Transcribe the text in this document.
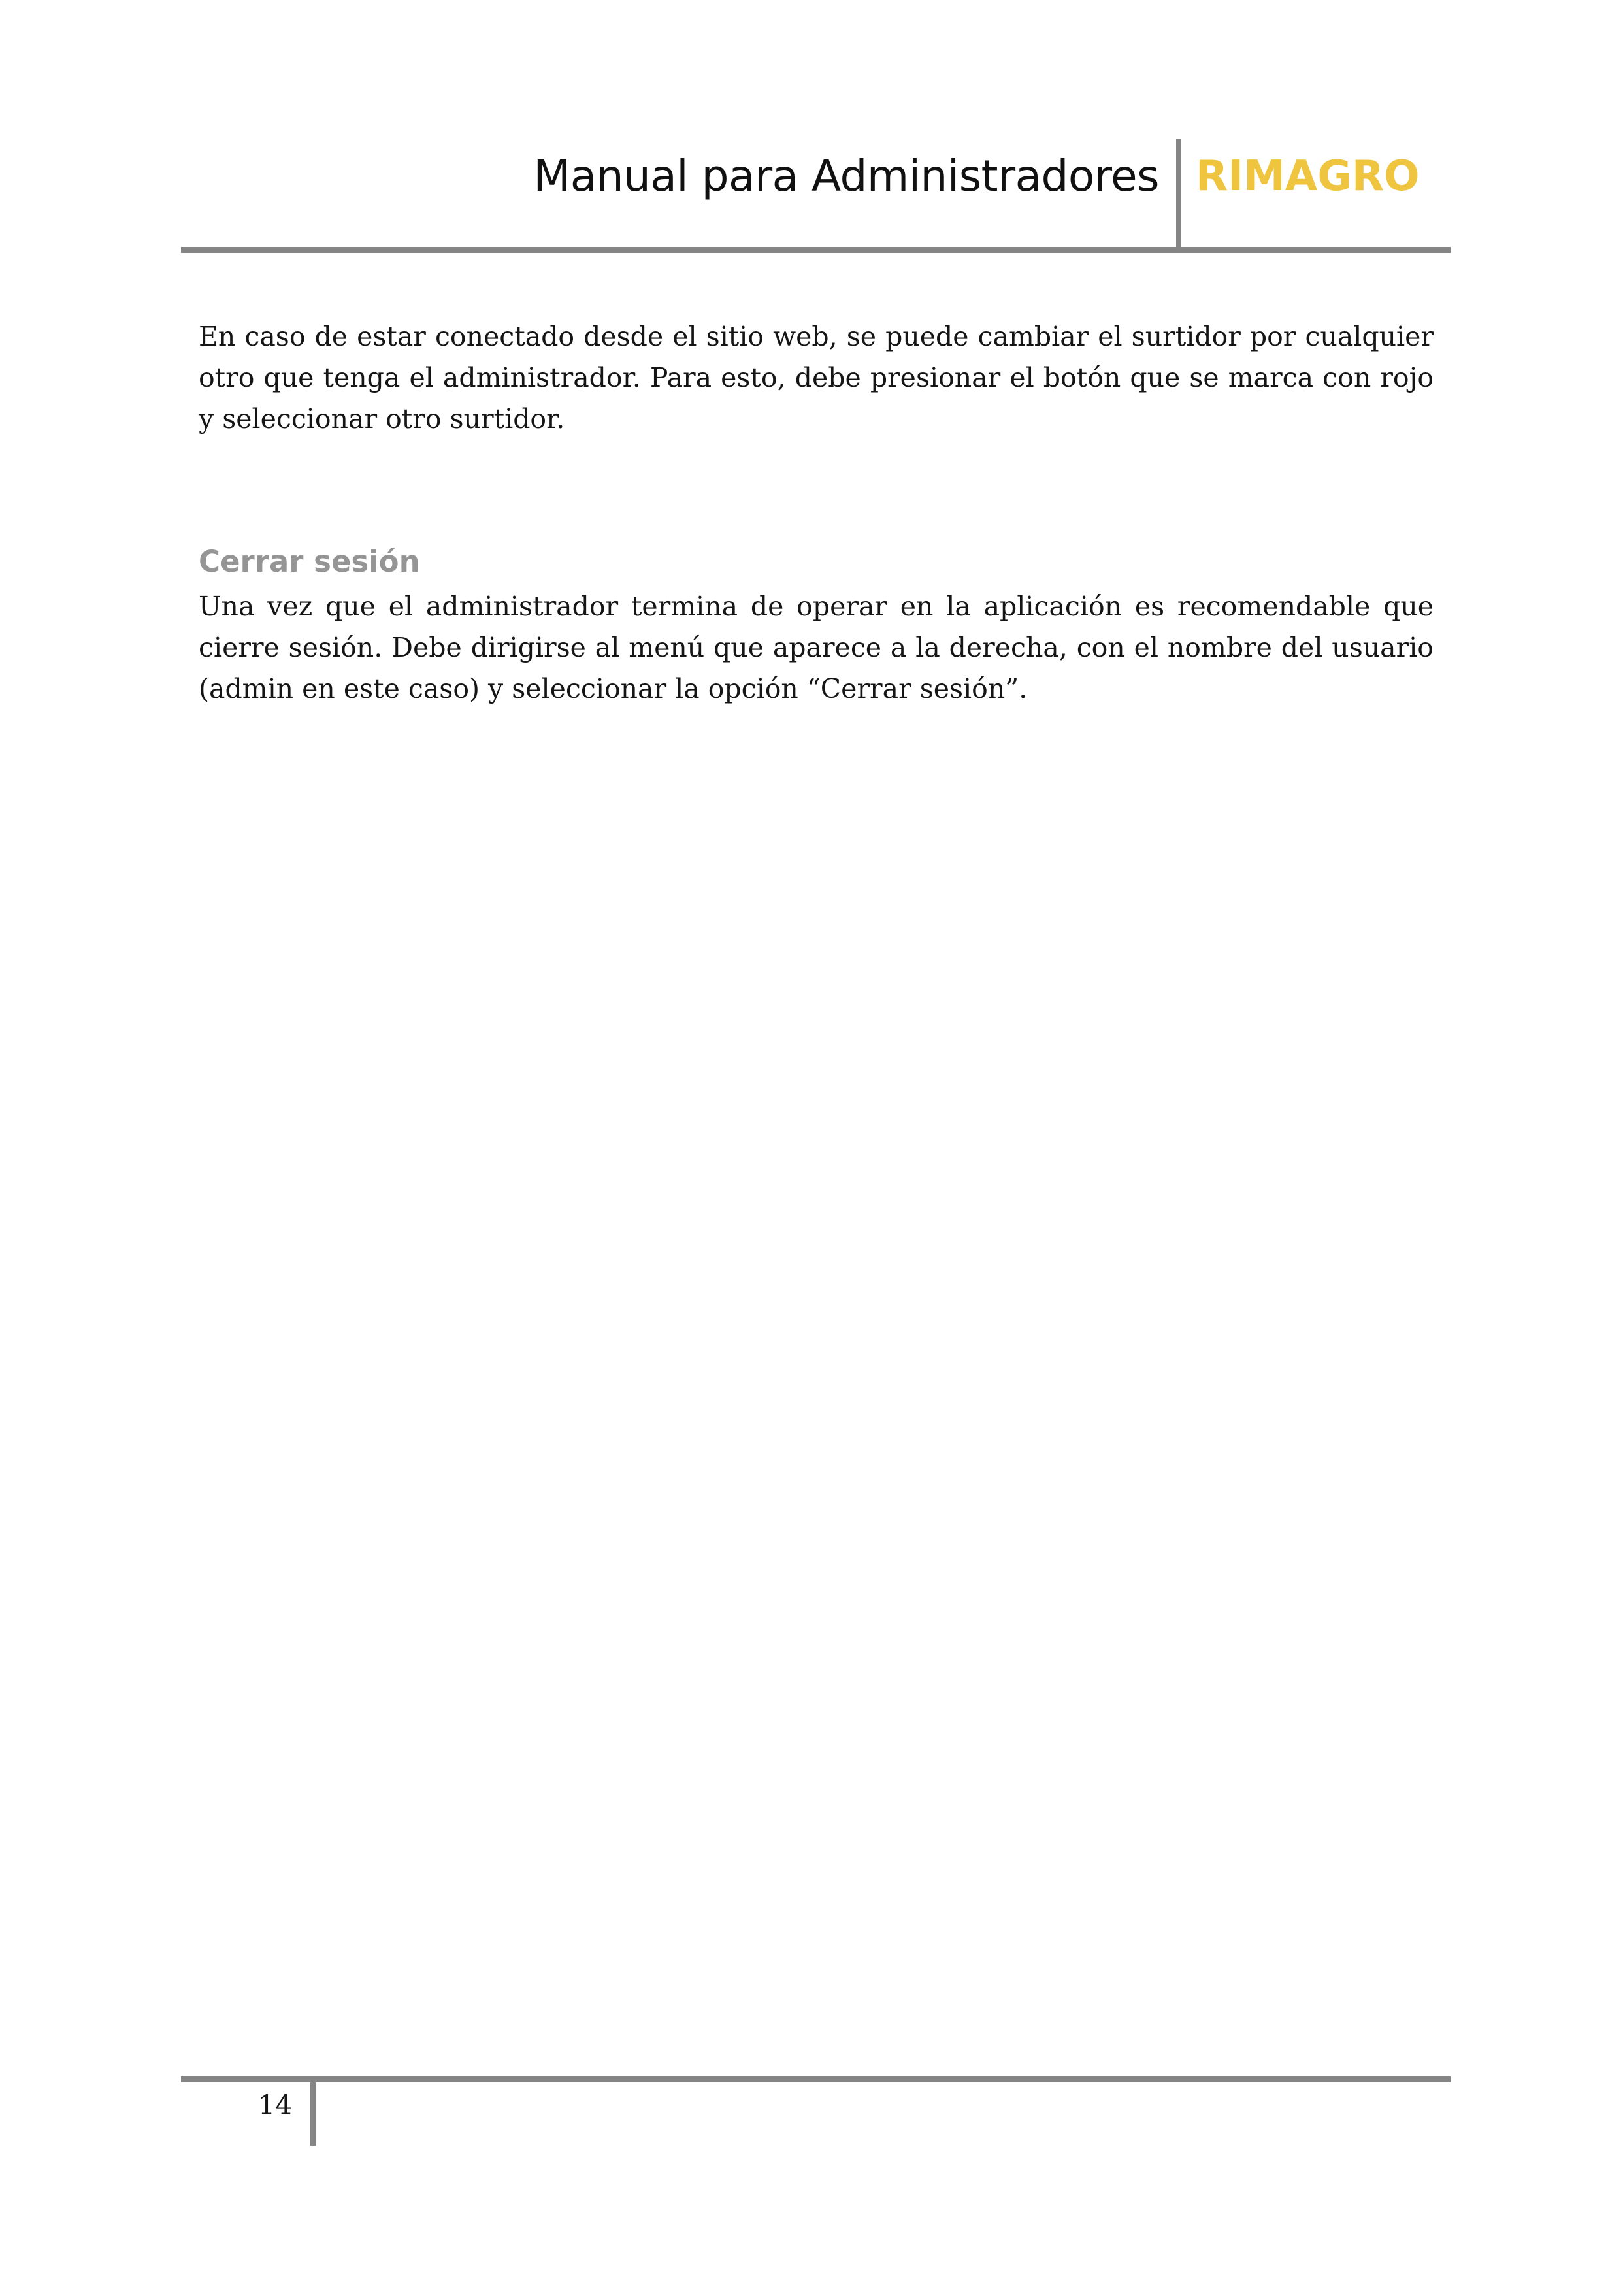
Manual para Administradores RIMAGRO

En caso de estar conectado desde el sitio web, se puede cambiar el surtidor por cualquier otro que tenga el administrador. Para esto, debe presionar el botón que se marca con rojo y seleccionar otro surtidor.

Cerrar sesión

Una vez que el administrador termina de operar en la aplicación es recomendable que cierre sesión. Debe dirigirse al menú que aparece a la derecha, con el nombre del usuario (admin en este caso) y seleccionar la opción “Cerrar sesión”.

14
